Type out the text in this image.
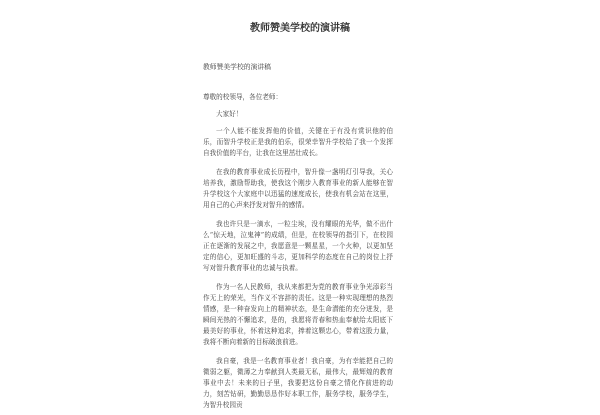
教师赞美学校的演讲稿
教师赞美学校的演讲稿

尊敬的校领导，各位老师：

大家好！

一个人能不能发挥他的价值，关键在于有没有赏识他的伯乐，而智升学校正是我的伯乐，很荣幸智升学校给了我一个发挥自我价值的平台，让我在这里茁壮成长。

在我的教育事业成长历程中，智升像一盏明灯引导我，关心培养我，激励帮助我，使我这个刚步入教育事业的新人能够在智升学校这个大家庭中以迅猛的速度成长，使我有机会站在这里，用自己的心声来抒发对智升的感情。

我也许只是一滴水，一粒尘埃，没有耀眼的光华，做不出什么“惊天地，泣鬼神”的成绩，但是，在校领导的指引下，在校园正在逐渐的发展之中，我愿意是一颗星星，一个火种，以更加坚定的信心，更加旺盛的斗志，更加科学的态度在自己的岗位上抒写对智升教育事业的忠诚与执着。

作为一名人民教师，我从来都把为党的教育事业争光添彩当作无上的荣光，当作义不容辞的责任。这是一种实现理想的热烈情感，是一种奋发向上的精神状态，是生命潜能的充分迸发，是瞬间光热的不懈追求，是的，我愿将青春和热血奉献给太阳底下最美好的事业，怀着这种追求，捧着这颗忠心，带着这股力量，我将不断向着新的目标破浪前进。

我自豪，我是一名教育事业者！我自豪，为有幸能把自己的微弱之躯，微薄之力奉献到人类最无私，最伟大，最辉煌的教育事业中去！未来的日子里，我要把这份自豪之情化作前进的动力，刻苦钻研，勤勤恳恳作好本职工作，服务学校，服务学生，为智升校园贡
